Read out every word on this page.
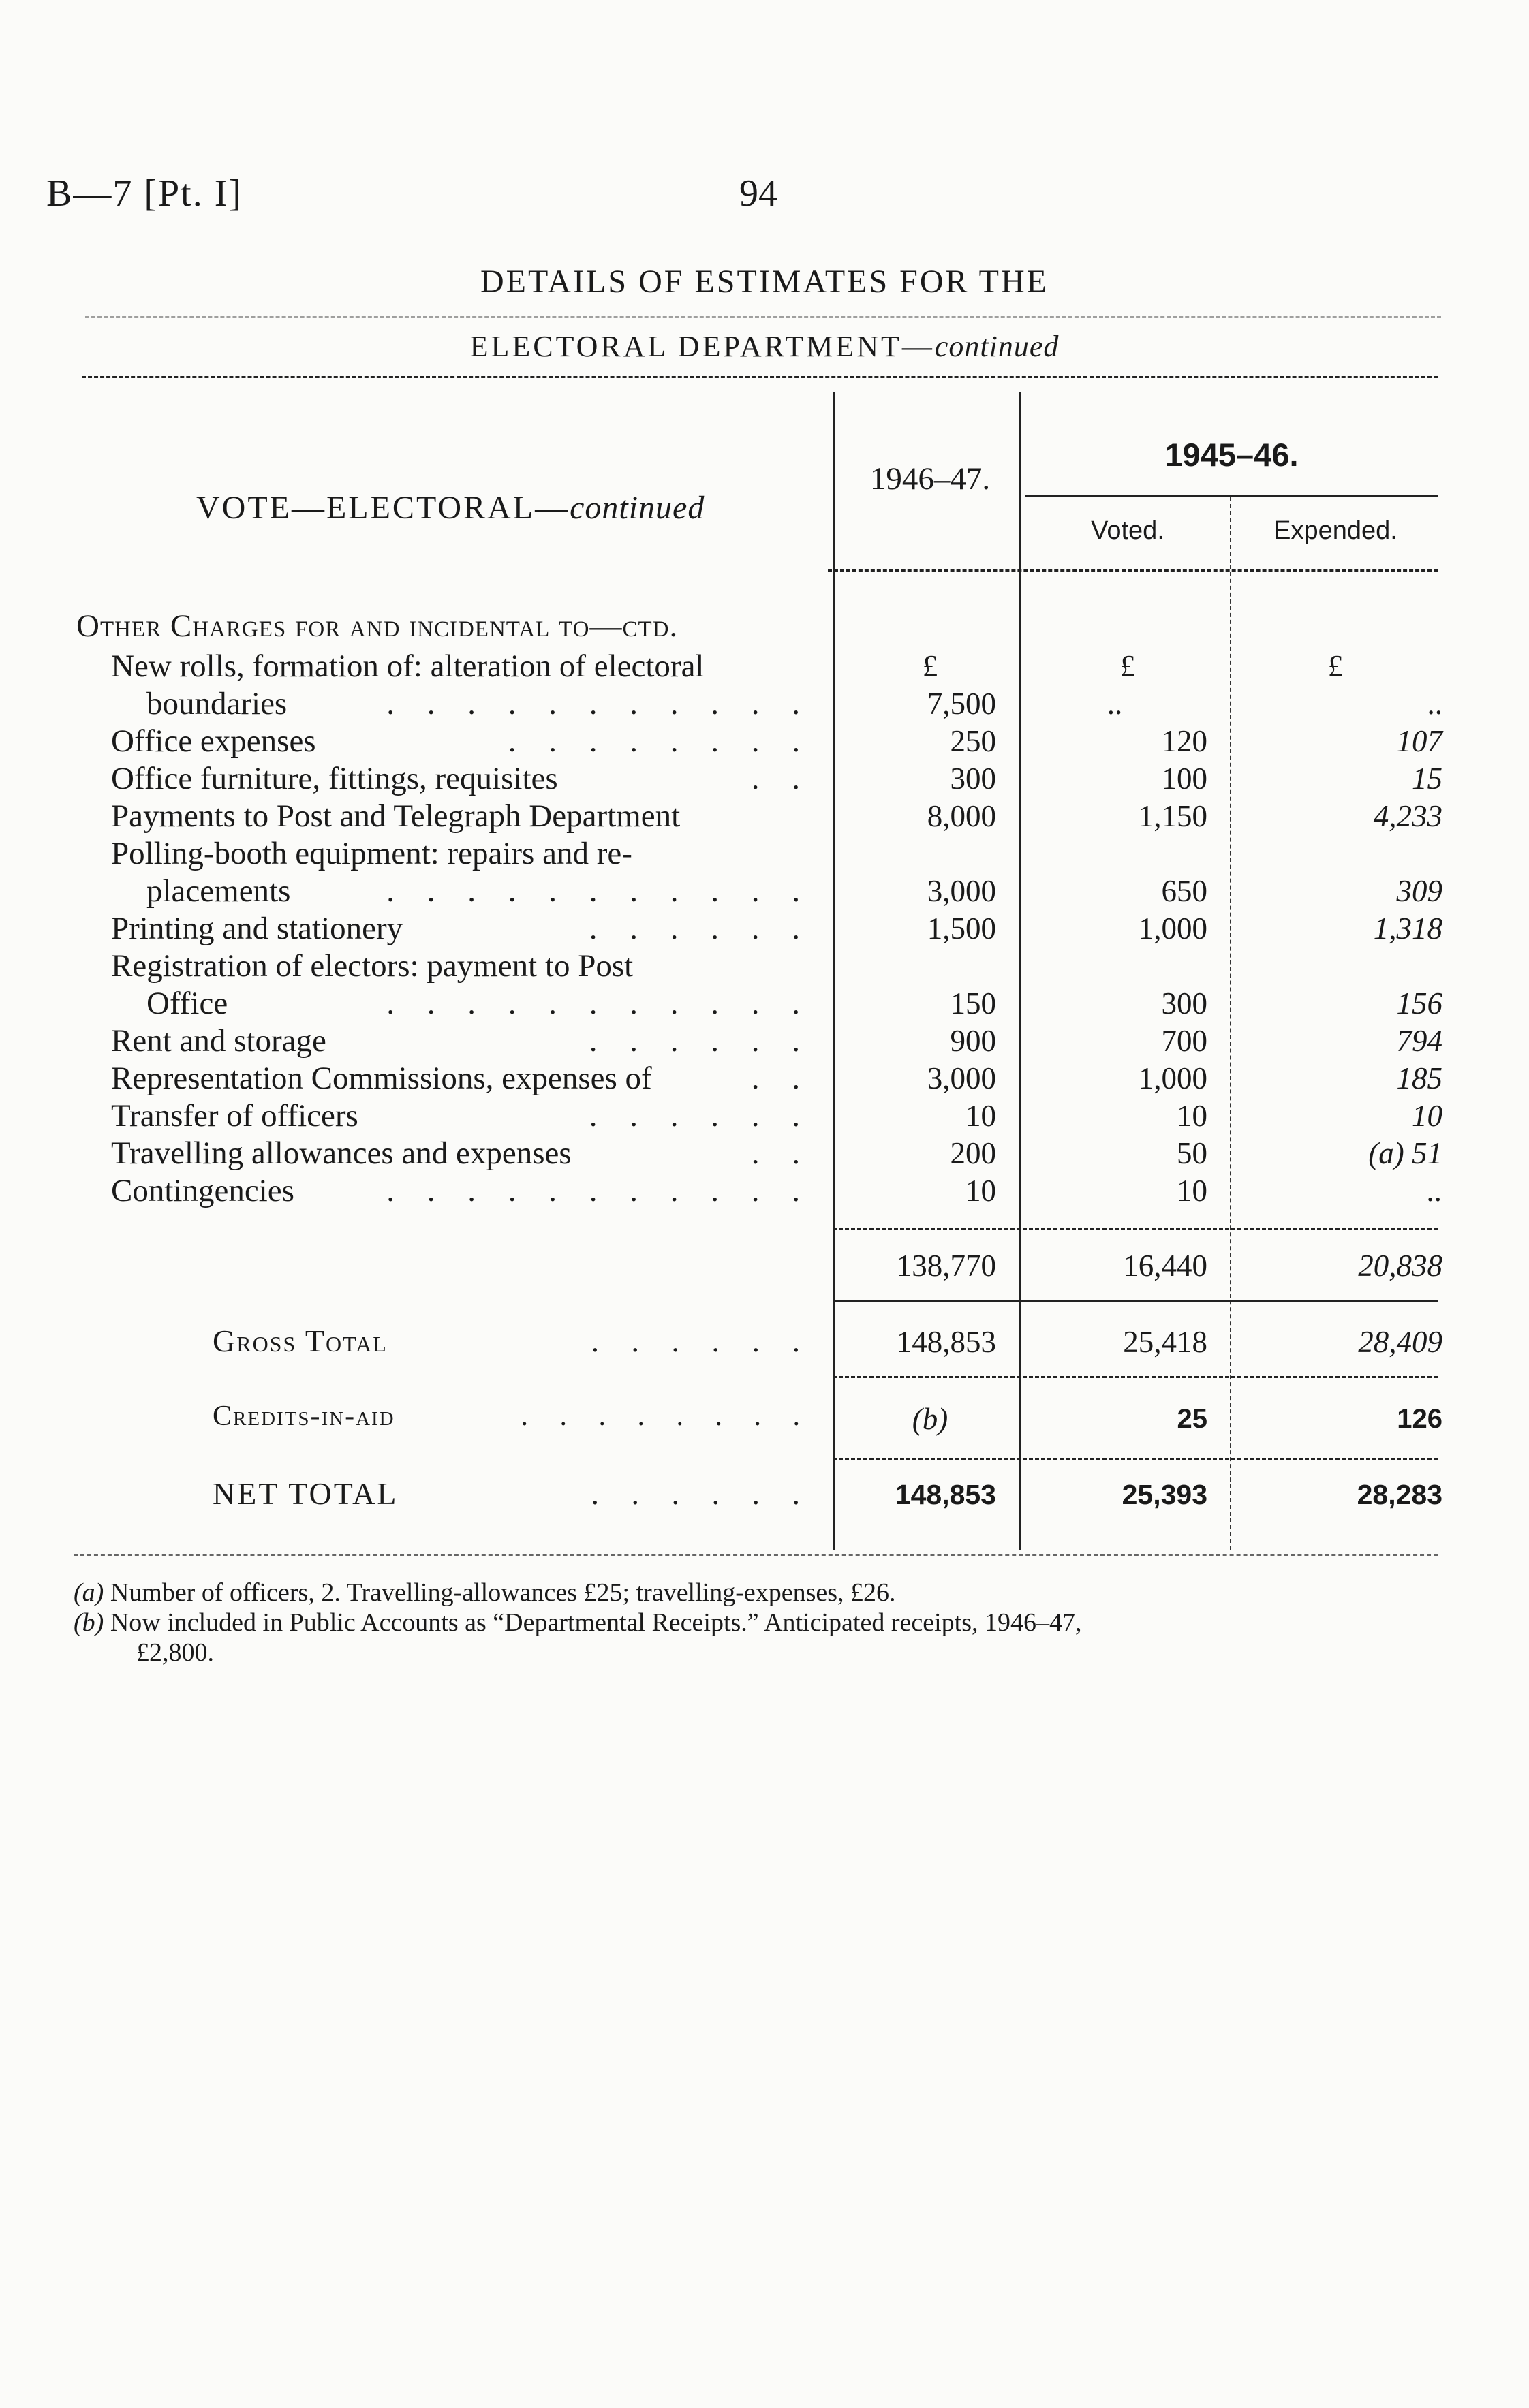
B—7 [Pt. I]	94
DETAILS OF ESTIMATES FOR THE
ELECTORAL DEPARTMENT—continued
VOTE—ELECTORAL—continued
1946–47.
1945–46.
Voted.	Expended.
Other Charges for and incidental to—ctd.
£	£	£
New rolls, formation of: alteration of electoral
boundaries	. . . . . . . . . . .	7,500	..	..
Office expenses	. . . . . . . .	250	120	107
Office furniture, fittings, requisites	. .	300	100	15
Payments to Post and Telegraph Department	8,000	1,150	4,233
Polling-booth equipment: repairs and re-
placements	. . . . . . . . . . .	3,000	650	309
Printing and stationery	. . . . . .	1,500	1,000	1,318
Registration of electors: payment to Post
Office	. . . . . . . . . . .	150	300	156
Rent and storage	. . . . . .	900	700	794
Representation Commissions, expenses of	. .	3,000	1,000	185
Transfer of officers	. . . . . .	10	10	10
Travelling allowances and expenses	. .	200	50	(a) 51
Contingencies	. . . . . . . . . . .	10	10	..
138,770	16,440	20,838
Gross Total	. . . . . .	148,853	25,418	28,409
Credits-in-aid	. . . . . . . .	(b)	25	126
NET TOTAL	. . . . . .	148,853	25,393	28,283
(a) Number of officers, 2. Travelling-allowances £25; travelling-expenses, £26.
(b) Now included in Public Accounts as “Departmental Receipts.” Anticipated receipts, 1946–47,
£2,800.
